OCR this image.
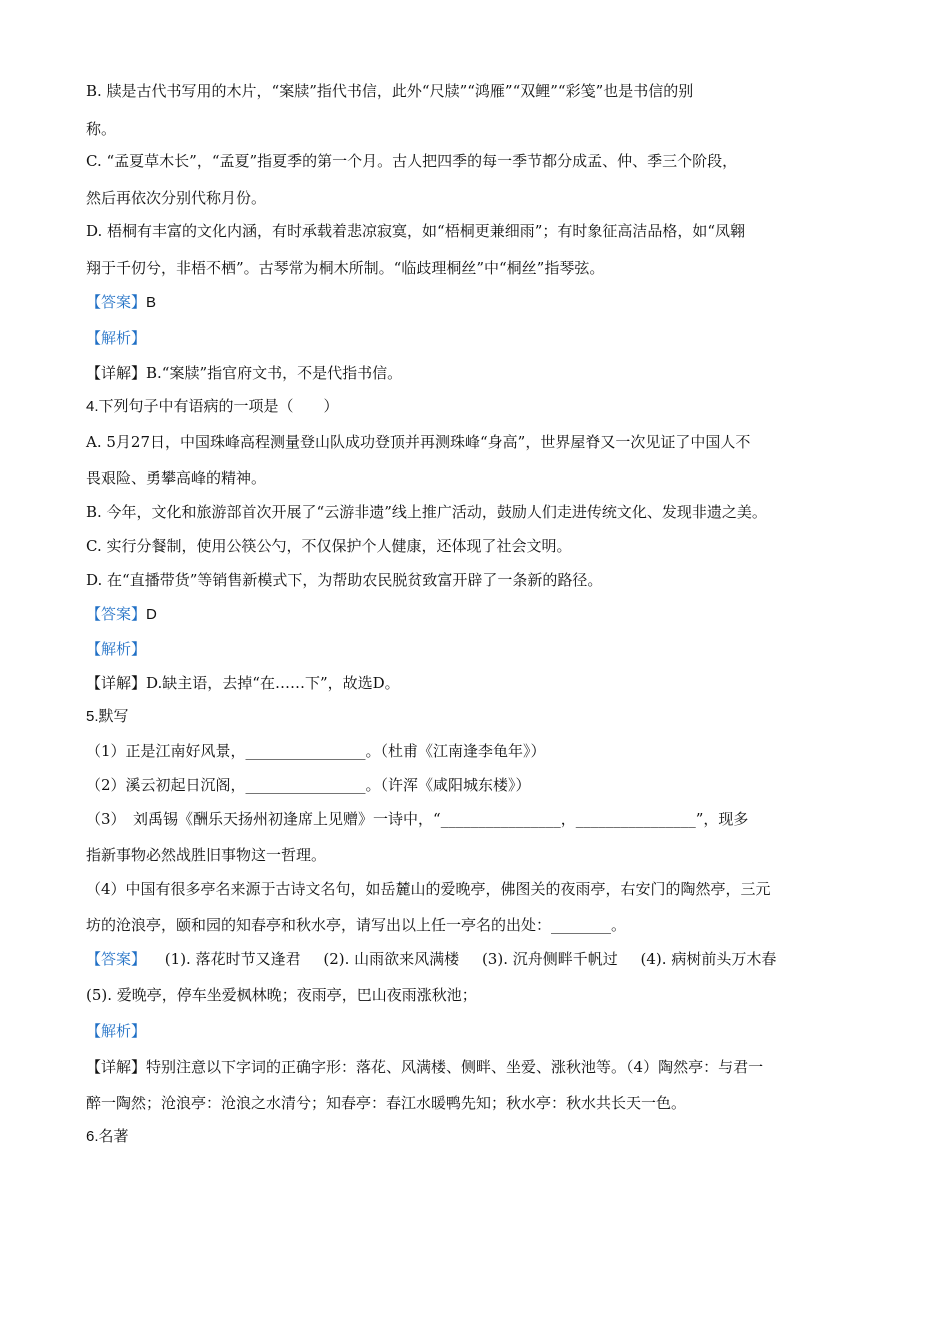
B. 牍是古代书写用的木片，“案牍”指代书信，此外“尺牍”“鸿雁”“双鲤”“彩笺”也是书信的别
称。
C. “孟夏草木长”，“孟夏”指夏季的第一个月。古人把四季的每一季节都分成孟、仲、季三个阶段，
然后再依次分别代称月份。
D. 梧桐有丰富的文化内涵，有时承载着悲凉寂寞，如“梧桐更兼细雨”；有时象征高洁品格，如“凤翱
翔于千仞兮，非梧不栖”。古琴常为桐木所制。“临歧理桐丝”中“桐丝”指琴弦。
【答案】B
【解析】
【详解】B.“案牍”指官府文书，不是代指书信。
4.下列句子中有语病的一项是（　　）
A. 5月27日，中国珠峰高程测量登山队成功登顶并再测珠峰“身高”，世界屋脊又一次见证了中国人不
畏艰险、勇攀高峰的精神。
B. 今年，文化和旅游部首次开展了“云游非遗”线上推广活动，鼓励人们走进传统文化、发现非遗之美。
C. 实行分餐制，使用公筷公勺，不仅保护个人健康，还体现了社会文明。
D. 在“直播带货”等销售新模式下，为帮助农民脱贫致富开辟了一条新的路径。
【答案】D
【解析】
【详解】D.缺主语，去掉“在……下”，故选D。
5.默写
（1）正是江南好风景，________________。（杜甫《江南逢李龟年》）
（2）溪云初起日沉阁，________________。（许浑《咸阳城东楼》）
（3）　刘禹锡《酬乐天扬州初逢席上见赠》一诗中，“________________，________________”，现多
指新事物必然战胜旧事物这一哲理。
（4）中国有很多亭名来源于古诗文名句，如岳麓山的爱晚亭，佛图关的夜雨亭，右安门的陶然亭，三元
坊的沧浪亭，颐和园的知春亭和秋水亭，请写出以上任一亭名的出处：________。
【答案】 (1). 落花时节又逢君 (2). 山雨欲来风满楼 (3). 沉舟侧畔千帆过 (4). 病树前头万木春
(5). 爱晚亭，停车坐爱枫林晚；夜雨亭，巴山夜雨涨秋池；
【解析】
【详解】特别注意以下字词的正确字形：落花、风满楼、侧畔、坐爱、涨秋池等。（4）陶然亭：与君一
醉一陶然；沧浪亭：沧浪之水清兮；知春亭：春江水暖鸭先知；秋水亭：秋水共长天一色。
6.名著
